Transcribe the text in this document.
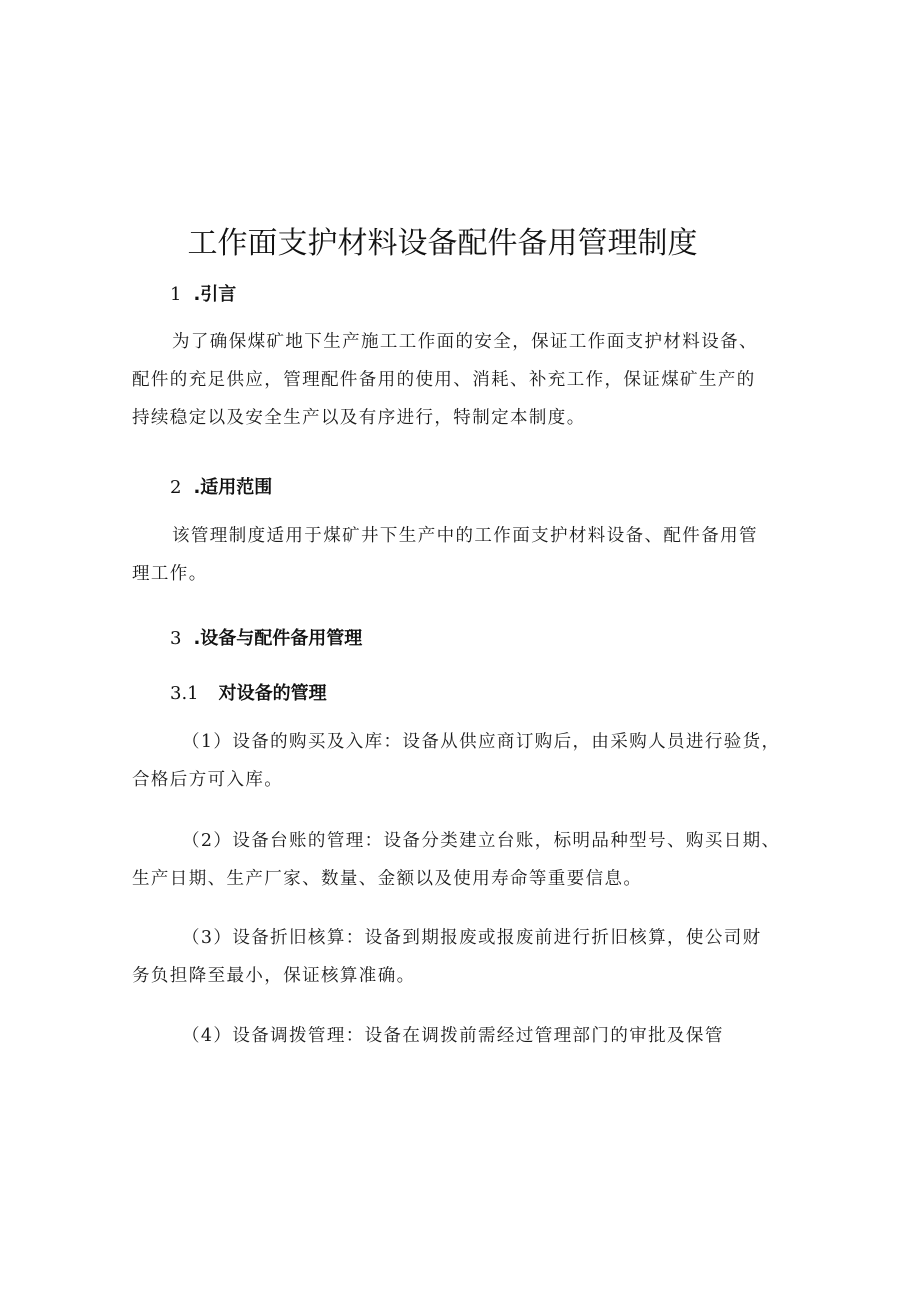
工作面支护材料设备配件备用管理制度
1 .引言
为了确保煤矿地下生产施工工作面的安全，保证工作面支护材料设备、
配件的充足供应，管理配件备用的使用、消耗、补充工作，保证煤矿生产的
持续稳定以及安全生产以及有序进行，特制定本制度。
2 .适用范围
该管理制度适用于煤矿井下生产中的工作面支护材料设备、配件备用管
理工作。
3 .设备与配件备用管理
3.1 对设备的管理
（1）设备的购买及入库：设备从供应商订购后，由采购人员进行验货，
合格后方可入库。
（2）设备台账的管理：设备分类建立台账，标明品种型号、购买日期、
生产日期、生产厂家、数量、金额以及使用寿命等重要信息。
（3）设备折旧核算：设备到期报废或报废前进行折旧核算，使公司财
务负担降至最小，保证核算准确。
（4）设备调拨管理：设备在调拨前需经过管理部门的审批及保管
